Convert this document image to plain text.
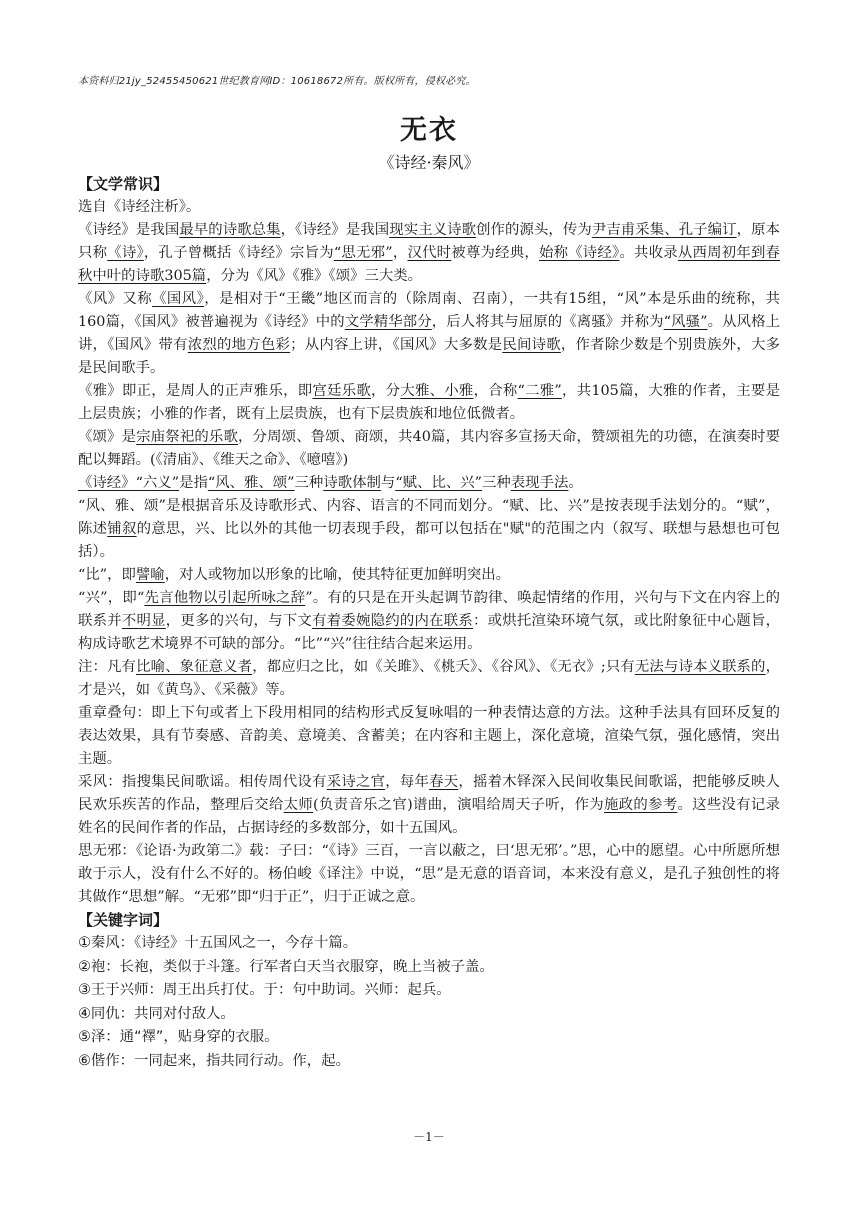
本资料归21jy_52455450621世纪教育网ID：10618672所有。版权所有，侵权必究。
无衣
《诗经·秦风》
【文学常识】
选自《诗经注析》。
《诗经》是我国最早的诗歌总集，《诗经》是我国现实主义诗歌创作的源头，传为尹吉甫采集、孔子编订，原本只称《诗》，孔子曾概括《诗经》宗旨为“思无邪”，汉代时被尊为经典，始称《诗经》。共收录从西周初年到春秋中叶的诗歌305篇，分为《风》《雅》《颂》三大类。
《风》又称《国风》，是相对于“王畿”地区而言的（除周南、召南），一共有15组，“风”本是乐曲的统称，共160篇，《国风》被普遍视为《诗经》中的文学精华部分，后人将其与屈原的《离骚》并称为“风骚”。从风格上讲，《国风》带有浓烈的地方色彩；从内容上讲，《国风》大多数是民间诗歌，作者除少数是个别贵族外，大多是民间歌手。
《雅》即正，是周人的正声雅乐，即宫廷乐歌，分大雅、小雅，合称“二雅”，共105篇，大雅的作者，主要是上层贵族；小雅的作者，既有上层贵族，也有下层贵族和地位低微者。
《颂》是宗庙祭祀的乐歌，分周颂、鲁颂、商颂，共40篇，其内容多宣扬天命，赞颂祖先的功德，在演奏时要配以舞蹈。(《清庙》、《维天之命》、《噫嘻》)
《诗经》“六义”是指“风、雅、颂”三种诗歌体制与“赋、比、兴”三种表现手法。
“风、雅、颂”是根据音乐及诗歌形式、内容、语言的不同而划分。“赋、比、兴”是按表现手法划分的。“赋”，陈述铺叙的意思，兴、比以外的其他一切表现手段，都可以包括在"赋"的范围之内（叙写、联想与悬想也可包括）。
“比”，即譬喻，对人或物加以形象的比喻，使其特征更加鲜明突出。
“兴”，即“先言他物以引起所咏之辞”。有的只是在开头起调节韵律、唤起情绪的作用，兴句与下文在内容上的联系并不明显，更多的兴句，与下文有着委婉隐约的内在联系：或烘托渲染环境气氛，或比附象征中心题旨，构成诗歌艺术境界不可缺的部分。“比”“兴”往往结合起来运用。
注：凡有比喻、象征意义者，都应归之比，如《关雎》、《桃夭》、《谷风》、《无衣》;只有无法与诗本义联系的，才是兴，如《黄鸟》、《采薇》等。
重章叠句：即上下句或者上下段用相同的结构形式反复咏唱的一种表情达意的方法。这种手法具有回环反复的表达效果，具有节奏感、音韵美、意境美、含蓄美；在内容和主题上，深化意境，渲染气氛，强化感情，突出主题。
采风：指搜集民间歌谣。相传周代设有采诗之官，每年春天，摇着木铎深入民间收集民间歌谣，把能够反映人民欢乐疾苦的作品，整理后交给太师(负责音乐之官)谱曲，演唱给周天子听，作为施政的参考。这些没有记录姓名的民间作者的作品，占据诗经的多数部分，如十五国风。
思无邪：《论语·为政第二》载：子曰：“《诗》三百，一言以蔽之，曰‘思无邪’。”思，心中的愿望。心中所愿所想敢于示人，没有什么不好的。杨伯峻《译注》中说，“思”是无意的语音词，本来没有意义，是孔子独创性的将其做作“思想”解。“无邪”即“归于正”，归于正诚之意。
【关键字词】
①秦风：《诗经》十五国风之一，今存十篇。
②袍：长袍，类似于斗篷。行军者白天当衣服穿，晚上当被子盖。
③王于兴师：周王出兵打仗。于：句中助词。兴师：起兵。
④同仇：共同对付敌人。
⑤泽：通“襗”，贴身穿的衣服。
⑥偕作：一同起来，指共同行动。作，起。
－1－
